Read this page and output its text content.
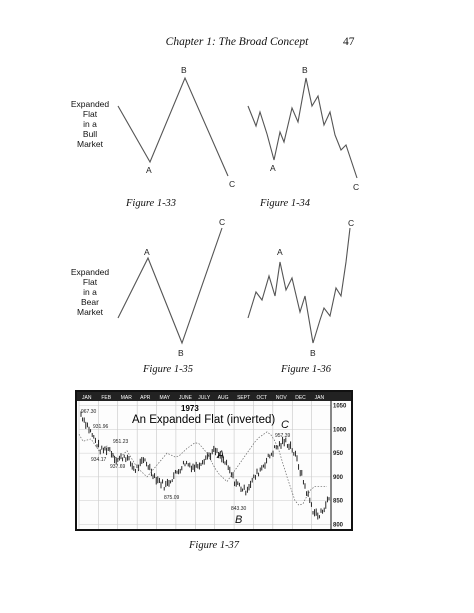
Chapter 1: The Broad Concept	47
Expanded
Flat
in a
Bull
Market
Expanded
Flat
in a
Bear
Market
A
B
C
A
B
C
A
B
C
A
B
C
Figure 1-33	Figure 1-34
Figure 1-35	Figure 1-36
JAN FEB MAR APR MAY JUNE JULY AUG SEPT OCT NOV DEC JAN
1050
1000
950
900
850
800
967.30
931.96
951.23
934.17
937.69
875.09
843.30
957.39
1973
An Expanded Flat (inverted)
A
B
C
Figure 1-37
